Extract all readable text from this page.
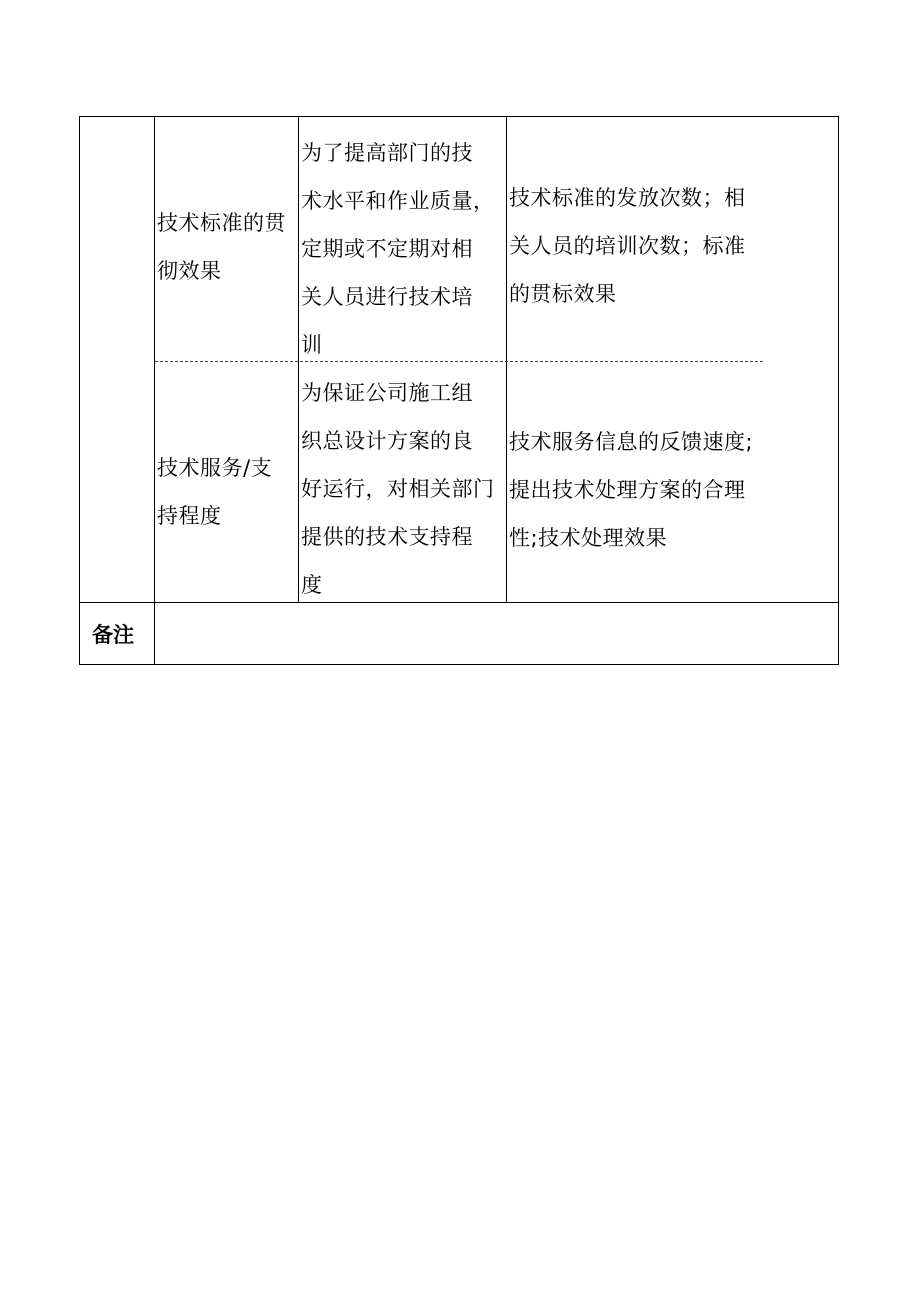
技术标准的贯
彻效果
为了提高部门的技
术水平和作业质量，
定期或不定期对相
关人员进行技术培
训
技术标准的发放次数；相
关人员的培训次数；标准
的贯标效果
技术服务/支
持程度
为保证公司施工组
织总设计方案的良
好运行，对相关部门
提供的技术支持程
度
技术服务信息的反馈速度;
提出技术处理方案的合理
性;技术处理效果
备注
